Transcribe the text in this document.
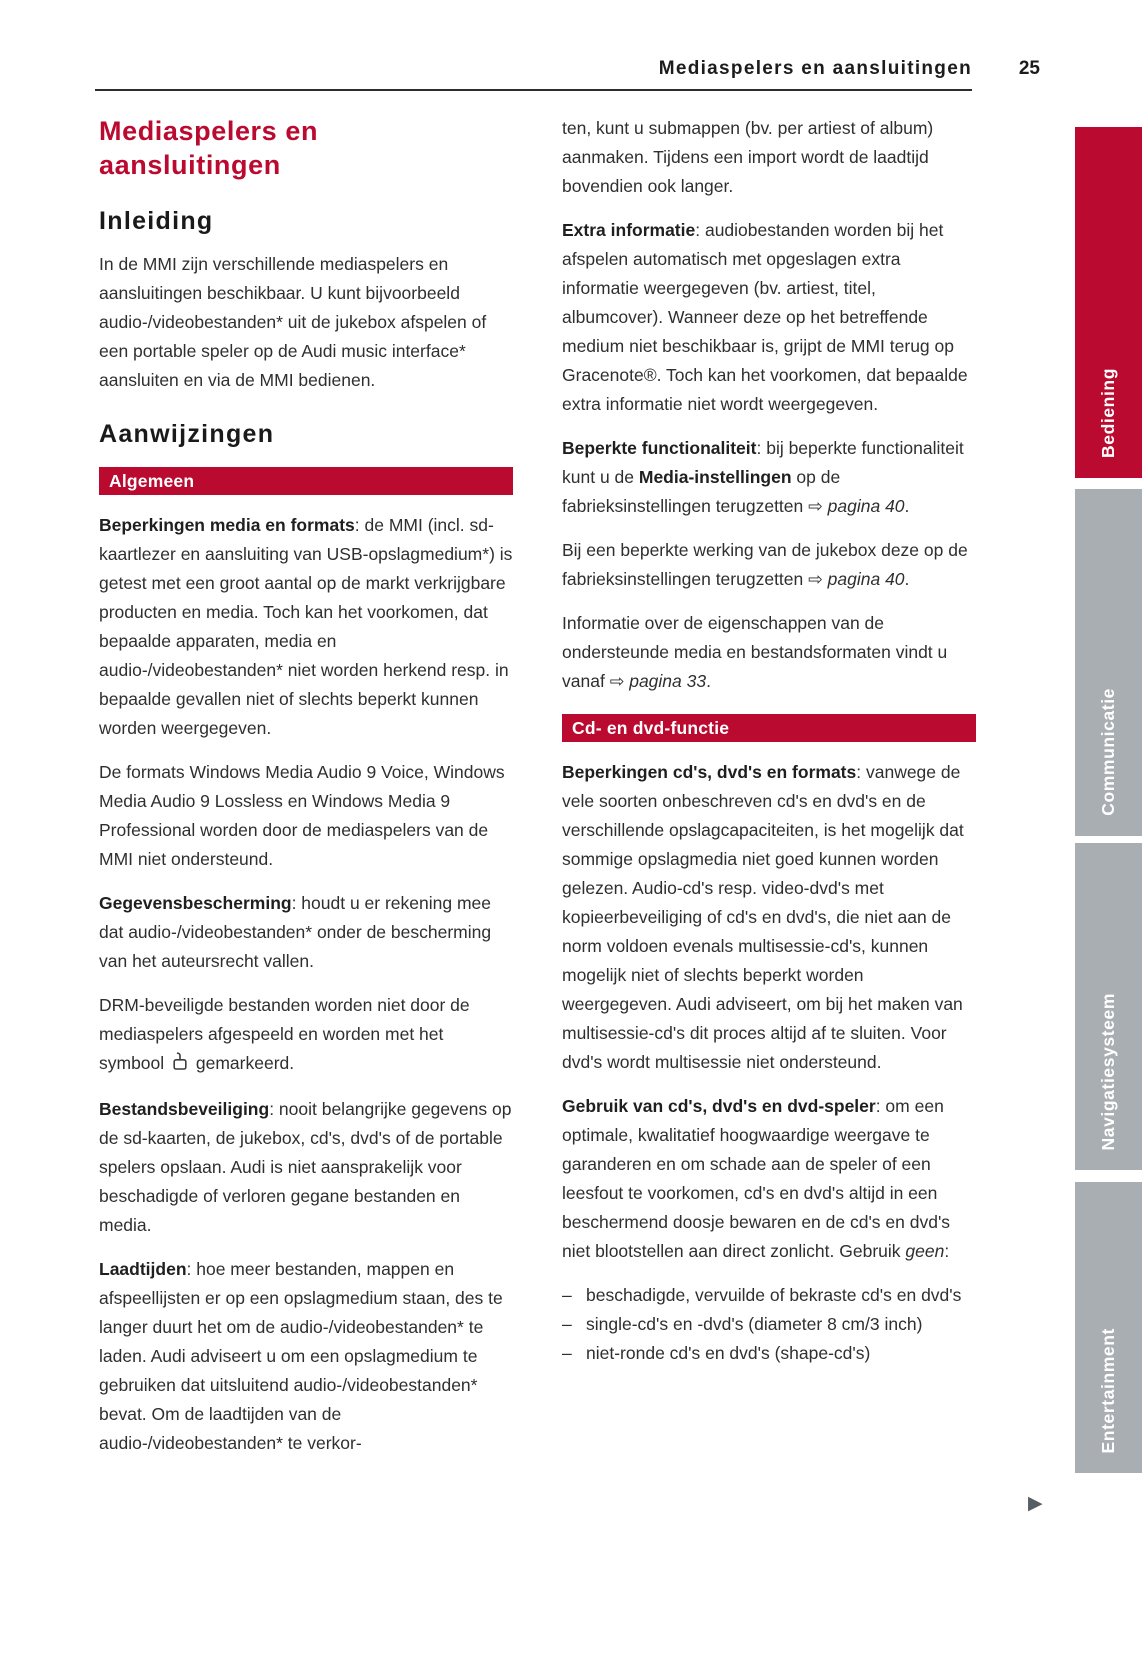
Mediaspelers en aansluitingen 25
Mediaspelers en aansluitingen
Inleiding

In de MMI zijn verschillende mediaspelers en aansluitingen beschikbaar. U kunt bijvoorbeeld audio-/videobestanden* uit de jukebox afspelen of een portable speler op de Audi music interface* aansluiten en via de MMI bedienen.

Aanwijzingen
Algemeen

Beperkingen media en formats: de MMI (incl. sd-kaartlezer en aansluiting van USB-opslagmedium*) is getest met een groot aantal op de markt verkrijgbare producten en media. Toch kan het voorkomen, dat bepaalde apparaten, media en audio-/videobestanden* niet worden herkend resp. in bepaalde gevallen niet of slechts beperkt kunnen worden weergegeven.

De formats Windows Media Audio 9 Voice, Windows Media Audio 9 Lossless en Windows Media 9 Professional worden door de mediaspelers van de MMI niet ondersteund.

Gegevensbescherming: houdt u er rekening mee dat audio-/videobestanden* onder de bescherming van het auteursrecht vallen.

DRM-beveiligde bestanden worden niet door de mediaspelers afgespeeld en worden met het symbool  gemarkeerd.

Bestandsbeveiliging: nooit belangrijke gegevens op de sd-kaarten, de jukebox, cd's, dvd's of de portable spelers opslaan. Audi is niet aansprakelijk voor beschadigde of verloren gegane bestanden en media.

Laadtijden: hoe meer bestanden, mappen en afspeellijsten er op een opslagmedium staan, des te langer duurt het om de audio-/videobestanden* te laden. Audi adviseert u om een opslagmedium te gebruiken dat uitsluitend audio-/videobestanden* bevat. Om de laadtijden van de audio-/videobestanden* te verkor-

ten, kunt u submappen (bv. per artiest of album) aanmaken. Tijdens een import wordt de laadtijd bovendien ook langer.

Extra informatie: audiobestanden worden bij het afspelen automatisch met opgeslagen extra informatie weergegeven (bv. artiest, titel, albumcover). Wanneer deze op het betreffende medium niet beschikbaar is, grijpt de MMI terug op Gracenote®. Toch kan het voorkomen, dat bepaalde extra informatie niet wordt weergegeven.

Beperkte functionaliteit: bij beperkte functionaliteit kunt u de Media-instellingen op de fabrieksinstellingen terugzetten ⇨ pagina 40.

Bij een beperkte werking van de jukebox deze op de fabrieksinstellingen terugzetten ⇨ pagina 40.

Informatie over de eigenschappen van de ondersteunde media en bestandsformaten vindt u vanaf ⇨ pagina 33.

Cd- en dvd-functie

Beperkingen cd's, dvd's en formats: vanwege de vele soorten onbeschreven cd's en dvd's en de verschillende opslagcapaciteiten, is het mogelijk dat sommige opslagmedia niet goed kunnen worden gelezen. Audio-cd's resp. video-dvd's met kopieerbeveiliging of cd's en dvd's, die niet aan de norm voldoen evenals multisessie-cd's, kunnen mogelijk niet of slechts beperkt worden weergegeven. Audi adviseert, om bij het maken van multisessie-cd's dit proces altijd af te sluiten. Voor dvd's wordt multisessie niet ondersteund.

Gebruik van cd's, dvd's en dvd-speler: om een optimale, kwalitatief hoogwaardige weergave te garanderen en om schade aan de speler of een leesfout te voorkomen, cd's en dvd's altijd in een beschermend doosje bewaren en de cd's en dvd's niet blootstellen aan direct zonlicht. Gebruik geen:

– beschadigde, vervuilde of bekraste cd's en dvd's
– single-cd's en -dvd's (diameter 8 cm/3 inch)
– niet-ronde cd's en dvd's (shape-cd's)
Bediening
Communicatie
Navigatiesysteem
Entertainment
▶
